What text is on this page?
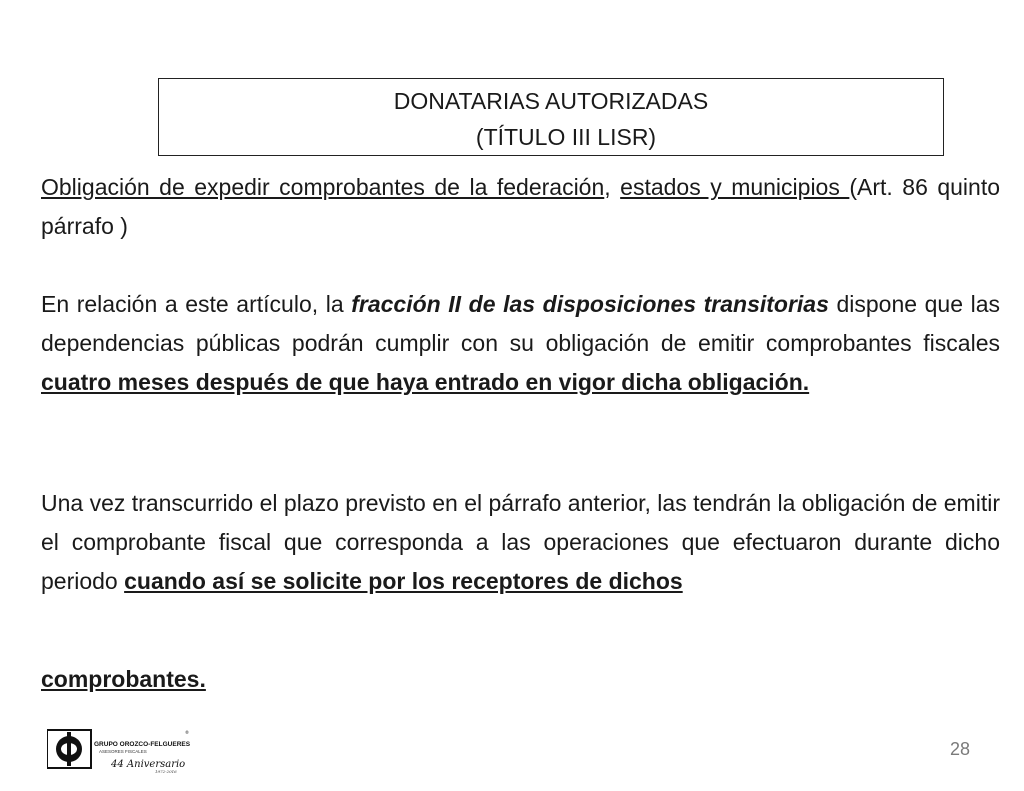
DONATARIAS AUTORIZADAS
(TÍTULO III LISR)
Obligación de expedir comprobantes de la federación, estados y municipios (Art. 86 quinto párrafo )
En relación a este artículo, la fracción II de las disposiciones transitorias dispone que las dependencias públicas podrán cumplir con su obligación de emitir comprobantes fiscales cuatro meses después de que haya entrado en vigor dicha obligación.
Una vez transcurrido el plazo previsto en el párrafo anterior, las tendrán la obligación de emitir el comprobante fiscal que corresponda a las operaciones que efectuaron durante dicho periodo cuando así se solicite por los receptores de dichos
comprobantes.
®
GRUPO OROZCO-FELGUERES
ASESORES FISCALES
44 Aniversario
1972-2016
28
